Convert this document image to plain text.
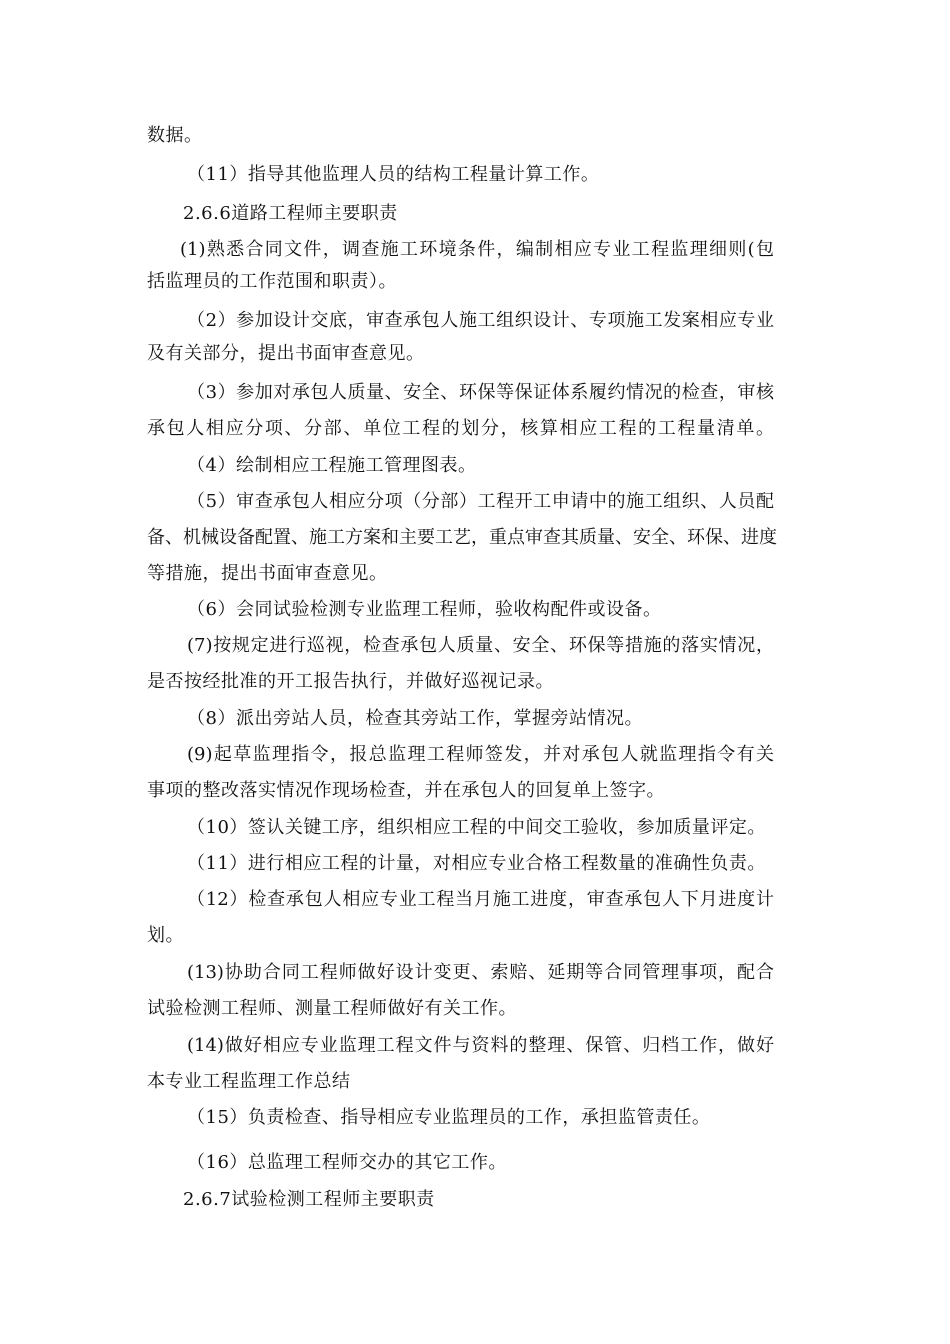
数据。
（11）指导其他监理人员的结构工程量计算工作。
2.6.6道路工程师主要职责
(1)熟悉合同文件，调查施工环境条件，编制相应专业工程监理细则(包
括监理员的工作范围和职责）。
（2）参加设计交底，审查承包人施工组织设计、专项施工发案相应专业
及有关部分，提出书面审查意见。
（3）参加对承包人质量、安全、环保等保证体系履约情况的检查，审核
承包人相应分项、分部、单位工程的划分，核算相应工程的工程量清单。
（4）绘制相应工程施工管理图表。
（5）审查承包人相应分项（分部）工程开工申请中的施工组织、人员配
备、机械设备配置、施工方案和主要工艺，重点审查其质量、安全、环保、进度
等措施，提出书面审查意见。
（6）会同试验检测专业监理工程师，验收构配件或设备。
(7)按规定进行巡视，检查承包人质量、安全、环保等措施的落实情况，
是否按经批准的开工报告执行，并做好巡视记录。
（8）派出旁站人员，检查其旁站工作，掌握旁站情况。
(9)起草监理指令，报总监理工程师签发，并对承包人就监理指令有关
事项的整改落实情况作现场检查，并在承包人的回复单上签字。
（10）签认关键工序，组织相应工程的中间交工验收，参加质量评定。
（11）进行相应工程的计量，对相应专业合格工程数量的准确性负责。
（12）检查承包人相应专业工程当月施工进度，审查承包人下月进度计
划。
(13)协助合同工程师做好设计变更、索赔、延期等合同管理事项，配合
试验检测工程师、测量工程师做好有关工作。
(14)做好相应专业监理工程文件与资料的整理、保管、归档工作，做好
本专业工程监理工作总结
（15）负责检查、指导相应专业监理员的工作，承担监管责任。
（16）总监理工程师交办的其它工作。
2.6.7试验检测工程师主要职责
